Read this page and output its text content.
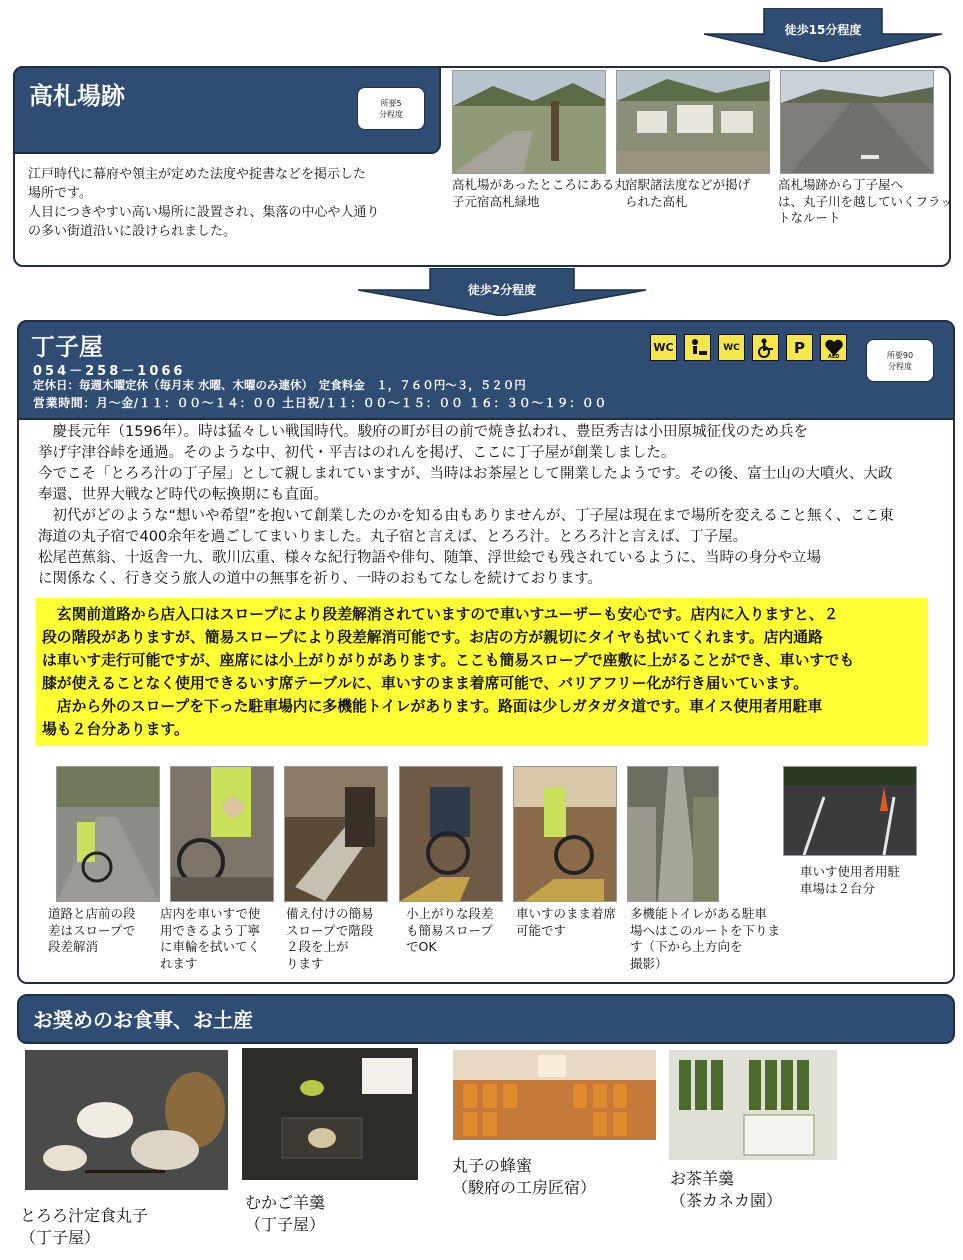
徒歩15分程度
高札場跡	所要5
分程度
江戸時代に幕府や領主が定めた法度や掟書などを掲示した
場所です。
人目につきやすい高い場所に設置され、集落の中心や人通り
の多い街道沿いに設けられました。
高札場があったところにある丸
子元宿高札緑地
宿駅諸法度などが掲げ
られた高札
高札場跡から丁子屋へ
は、丸子川を越していくフラッ
トなルート
徒歩2分程度
丁子屋
054－258－1066
定休日：毎週木曜定休（毎月末 水曜、木曜のみ連休）　定食料金　１，７６０円～３，５２０円
営業時間：月～金/１１：００～１４：００ 土日祝/１１：００～１５：００ １６：３０～１９：００
WC	WC	P	AED	所要90
分程度
　慶長元年（1596年）。時は猛々しい戦国時代。駿府の町が目の前で焼き払われ、豊臣秀吉は小田原城征伐のため兵を
挙げ宇津谷峠を通過。そのような中、初代・平吉はのれんを掲げ、ここに丁子屋が創業しました。
今でこそ「とろろ汁の丁子屋」として親しまれていますが、当時はお茶屋として開業したようです。その後、富士山の大噴火、大政
奉還、世界大戦など時代の転換期にも直面。
　初代がどのような“想いや希望”を抱いて創業したのかを知る由もありませんが、丁子屋は現在まで場所を変えること無く、ここ東
海道の丸子宿で400余年を過ごしてまいりました。丸子宿と言えば、とろろ汁。とろろ汁と言えば、丁子屋。
松尾芭蕉翁、十返舎一九、歌川広重、様々な紀行物語や俳句、随筆、浮世絵でも残されているように、当時の身分や立場
に関係なく、行き交う旅人の道中の無事を祈り、一時のおもてなしを続けております。
　玄関前道路から店入口はスロープにより段差解消されていますので車いすユーザーも安心です。店内に入りますと、２
段の階段がありますが、簡易スロープにより段差解消可能です。お店の方が親切にタイヤも拭いてくれます。店内通路
は車いす走行可能ですが、座席には小上がりがりがあります。ここも簡易スロープで座敷に上がることができ、車いすでも
膝が使えることなく使用できるいす席テーブルに、車いすのまま着席可能で、バリアフリー化が行き届いています。
　店から外のスロープを下った駐車場内に多機能トイレがあります。路面は少しガタガタ道です。車イス使用者用駐車
場も２台分あります。
道路と店前の段
差はスロープで
段差解消
店内を車いすで使
用できるよう丁寧
に車輪を拭いてく
れます
備え付けの簡易
スロープで階段
２段を上が
ります
小上がりな段差
も簡易スロープ
でOK
車いすのまま着席
可能です
多機能トイレがある駐車
場へはこのルートを下りま
す（下から上方向を
撮影）
車いす使用者用駐
車場は２台分
お奨めのお食事、お土産
とろろ汁定食丸子
（丁子屋）
むかご羊羹
（丁子屋）
丸子の蜂蜜
（駿府の工房匠宿）	お茶羊羹
（茶カネカ園）
